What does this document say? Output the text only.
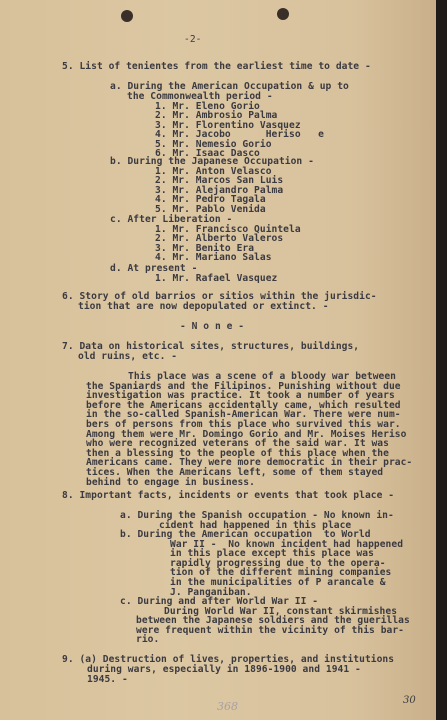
-2-
5. List of tenientes from the earliest time to date -
a. During the American Occupation & up to
the Commonwealth period -
b. During the Japanese Occupation -
c. After Liberation -
d. At present -
1. Mr. Rafael Vasquez
6. Story of old barrios or sitios within the jurisdic-
tion that are now depopulated or extinct. -
- N o n e -
7. Data on historical sites, structures, buildings,
old ruins, etc. -
8. Important facts, incidents or events that took place -
9. (a) Destruction of lives, properties, and institutions
during wars, especially in 1896-1900 and 1941 -
1945. -
368	30
1. Mr. Eleno Gorio
2. Mr. Ambrosio Palma
3. Mr. Florentino Vasquez
4. Mr. Jacobo      Heriso   e
5. Mr. Nemesio Gorio
6. Mr. Isaac Dasco
1. Mr. Anton Velasco
2. Mr. Marcos San Luis
3. Mr. Alejandro Palma
4. Mr. Pedro Tagala
5. Mr. Pablo Venida
1. Mr. Francisco Quintela
2. Mr. Alberto Valeros
3. Mr. Benito Era
4. Mr. Mariano Salas
This place was a scene of a bloody war between
the Spaniards and the Filipinos. Punishing without due
investigation was practice. It took a number of years
before the Americans accidentally came, which resulted
in the so-called Spanish-American War. There were num-
bers of persons from this place who survived this war.
Among them were Mr. Domingo Gorio and Mr. Moises Heriso
who were recognized veterans of the said war. It was
then a blessing to the people of this place when the
Americans came. They were more democratic in their prac-
tices. When the Americans left, some of them stayed
behind to engage in business.
a. During the Spanish occupation - No known in-
cident had happened in this place
b. During the American occupation  to World
War II -  No known incident had happened
in this place except this place was
rapidly progressing due to the opera-
tion of the different mining companies
in the municipalities of P arancale &
J. Panganiban.
c. During and after World War II -
During World War II, constant skirmishes
between the Japanese soldiers and the guerillas
were frequent within the vicinity of this bar-
rio.
